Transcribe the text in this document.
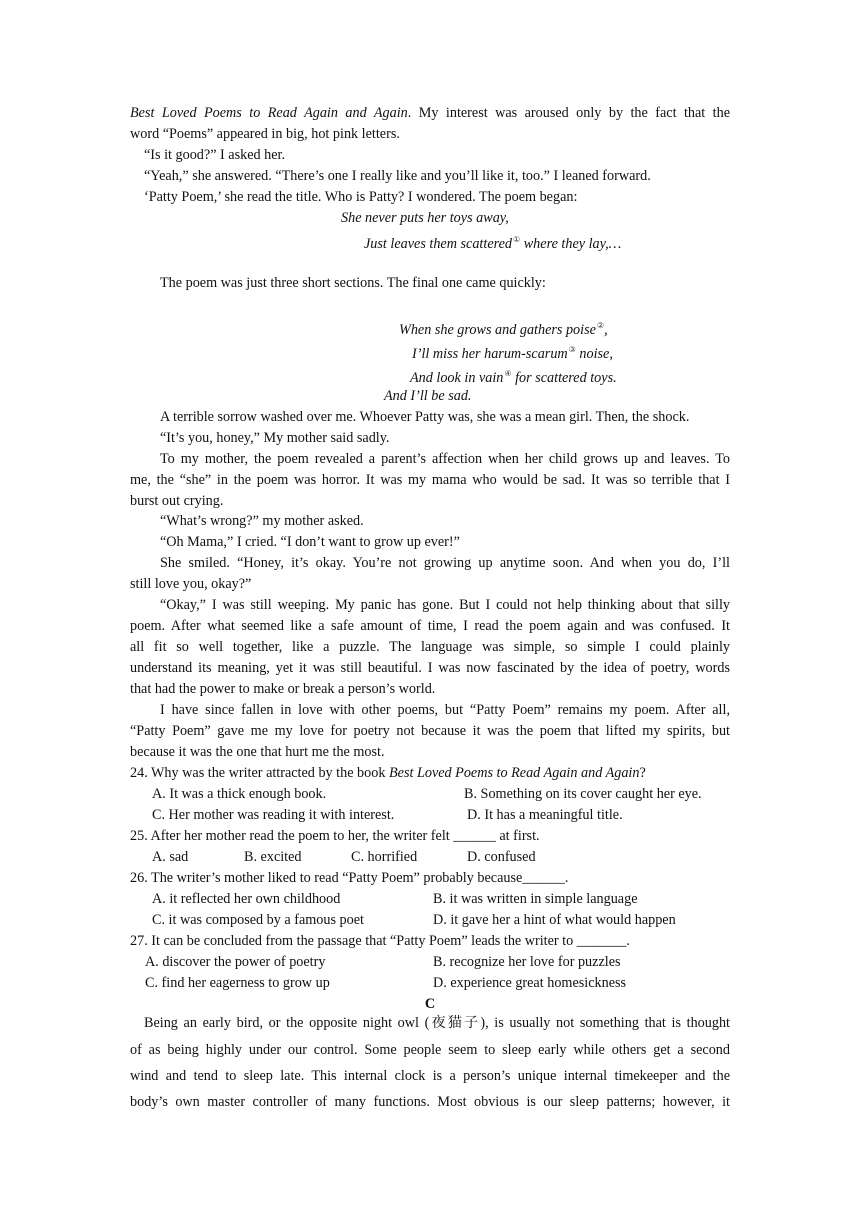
Best Loved Poems to Read Again and Again. My interest was aroused only by the fact that the
word “Poems” appeared in big, hot pink letters.
“Is it good?” I asked her.
“Yeah,” she answered. “There’s one I really like and you’ll like it, too.” I leaned forward.
‘Patty Poem,’ she read the title. Who is Patty? I wondered. The poem began:
She never puts her toys away,
Just leaves them scattered① where they lay,…
The poem was just three short sections. The final one came quickly:
When she grows and gathers poise②,
I’ll miss her harum-scarum③ noise,
And look in vain④ for scattered toys.
And I’ll be sad.
A terrible sorrow washed over me. Whoever Patty was, she was a mean girl. Then, the shock.
“It’s you, honey,” My mother said sadly.
To my mother, the poem revealed a parent’s affection when her child grows up and leaves. To
me, the “she” in the poem was horror. It was my mama who would be sad. It was so terrible that I
burst out crying.
“What’s wrong?” my mother asked.
“Oh Mama,” I cried. “I don’t want to grow up ever!”
She smiled. “Honey, it’s okay. You’re not growing up anytime soon. And when you do, I’ll
still love you, okay?”
“Okay,” I was still weeping. My panic has gone. But I could not help thinking about that silly
poem. After what seemed like a safe amount of time, I read the poem again and was confused. It
all fit so well together, like a puzzle. The language was simple, so simple I could plainly
understand its meaning, yet it was still beautiful. I was now fascinated by the idea of poetry, words
that had the power to make or break a person’s world.
I have since fallen in love with other poems, but “Patty Poem” remains my poem. After all,
“Patty Poem” gave me my love for poetry not because it was the poem that lifted my spirits, but
because it was the one that hurt me the most.
24. Why was the writer attracted by the book Best Loved Poems to Read Again and Again?
A. It was a thick enough book.	B. Something on its cover caught her eye.
C. Her mother was reading it with interest.	D. It has a meaningful title.
25. After her mother read the poem to her, the writer felt ______ at first.
A. sad	B. excited	C. horrified	D. confused
26. The writer’s mother liked to read “Patty Poem” probably because______.
A. it reflected her own childhood	B. it was written in simple language
C. it was composed by a famous poet	D. it gave her a hint of what would happen
27. It can be concluded from the passage that “Patty Poem” leads the writer to _______.
A. discover the power of poetry	B. recognize her love for puzzles
C. find her eagerness to grow up	D. experience great homesickness
C
Being an early bird, or the opposite night owl (夜猫子), is usually not something that is thought
of as being highly under our control. Some people seem to sleep early while others get a second
wind and tend to sleep late. This internal clock is a person’s unique internal timekeeper and the
body’s own master controller of many functions. Most obvious is our sleep patterns; however, it
